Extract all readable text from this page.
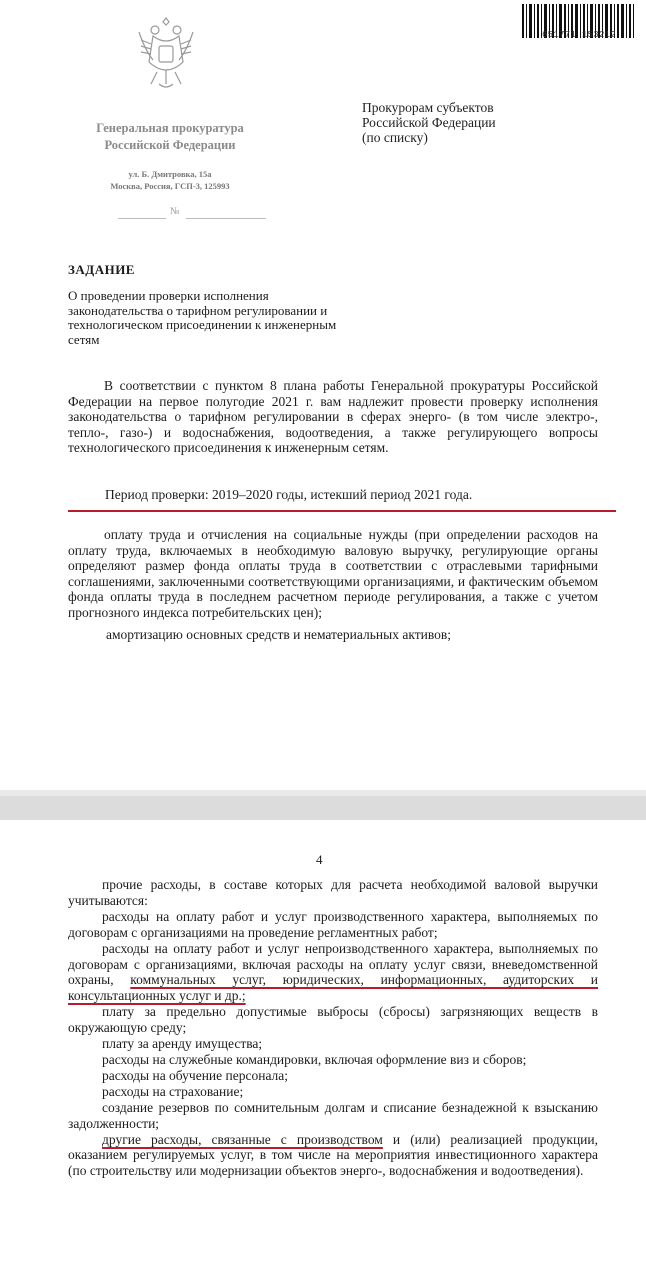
651771 153212
Генеральная прокуратура
Российской Федерации
ул. Б. Дмитровка, 15а
Москва, Россия, ГСП-3, 125993
№
Прокурорам субъектов
Российской Федерации
(по списку)
ЗАДАНИЕ
О проведении проверки исполнения законодательства о тарифном регулировании и технологическом присоединении к инженерным сетям
В соответствии с пунктом 8 плана работы Генеральной прокуратуры Российской Федерации на первое полугодие 2021 г. вам надлежит провести проверку исполнения законодательства о тарифном регулировании в сферах энерго- (в том числе электро-, тепло-, газо-) и водоснабжения, водоотведения, а также регулирующего вопросы технологического присоединения к инженерным сетям.
Период проверки: 2019–2020 годы, истекший период 2021 года.
оплату труда и отчисления на социальные нужды (при определении расходов на оплату труда, включаемых в необходимую валовую выручку, регулирующие органы определяют размер фонда оплаты труда в соответствии с отраслевыми тарифными соглашениями, заключенными соответствующими организациями, и фактическим объемом фонда оплаты труда в последнем расчетном периоде регулирования, а также с учетом прогнозного индекса потребительских цен);
амортизацию основных средств и нематериальных активов;
4
прочие расходы, в составе которых для расчета необходимой валовой выручки учитываются:
расходы на оплату работ и услуг производственного характера, выполняемых по договорам с организациями на проведение регламентных работ;
расходы на оплату работ и услуг непроизводственного характера, выполняемых по договорам с организациями, включая расходы на оплату услуг связи, вневедомственной охраны, коммунальных услуг, юридических, информационных, аудиторских и консультационных услуг и др.;
плату за предельно допустимые выбросы (сбросы) загрязняющих веществ в окружающую среду;
плату за аренду имущества;
расходы на служебные командировки, включая оформление виз и сборов;
расходы на обучение персонала;
расходы на страхование;
создание резервов по сомнительным долгам и списание безнадежной к взысканию задолженности;
другие расходы, связанные с производством и (или) реализацией продукции, оказанием регулируемых услуг, в том числе на мероприятия инвестиционного характера (по строительству или модернизации объектов энерго-, водоснабжения и водоотведения).
